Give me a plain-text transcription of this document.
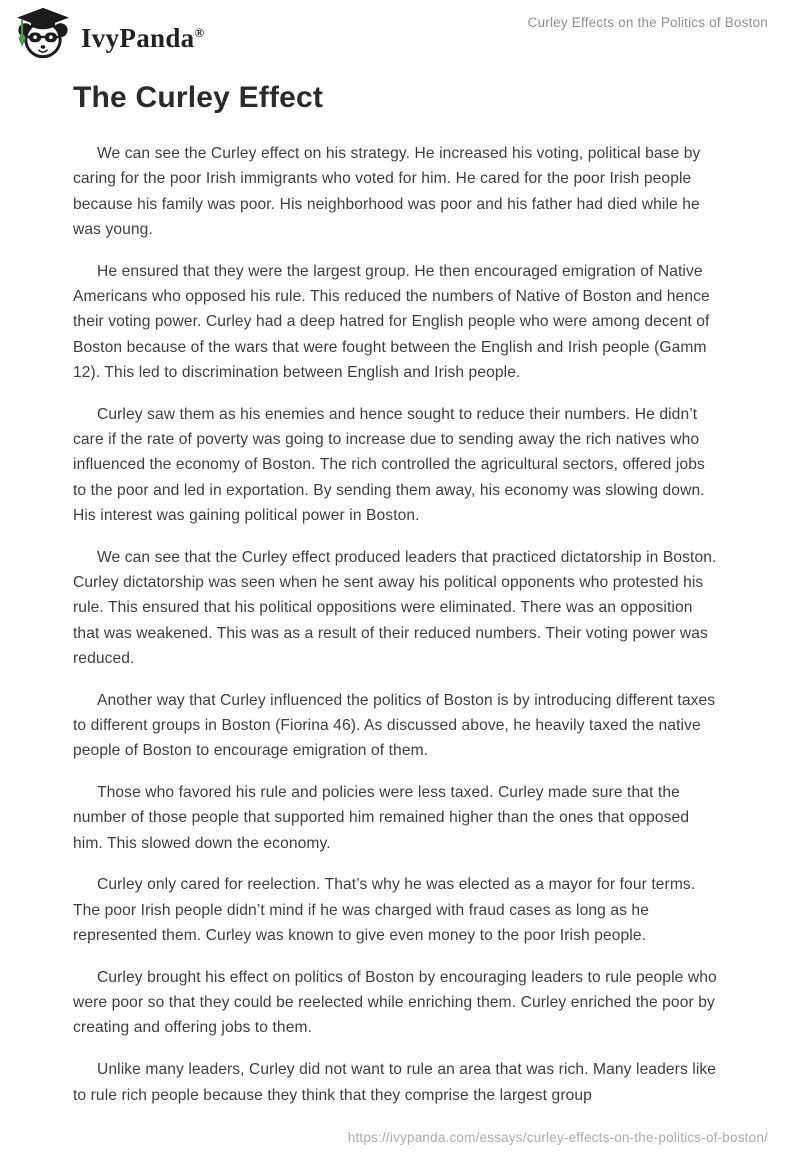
IvyPanda®
Curley Effects on the Politics of Boston
The Curley Effect

We can see the Curley effect on his strategy. He increased his voting, political base by caring for the poor Irish immigrants who voted for him. He cared for the poor Irish people because his family was poor. His neighborhood was poor and his father had died while he was young.

He ensured that they were the largest group. He then encouraged emigration of Native Americans who opposed his rule. This reduced the numbers of Native of Boston and hence their voting power. Curley had a deep hatred for English people who were among decent of Boston because of the wars that were fought between the English and Irish people (Gamm 12). This led to discrimination between English and Irish people.

Curley saw them as his enemies and hence sought to reduce their numbers. He didn’t care if the rate of poverty was going to increase due to sending away the rich natives who influenced the economy of Boston. The rich controlled the agricultural sectors, offered jobs to the poor and led in exportation. By sending them away, his economy was slowing down. His interest was gaining political power in Boston.

We can see that the Curley effect produced leaders that practiced dictatorship in Boston. Curley dictatorship was seen when he sent away his political opponents who protested his rule. This ensured that his political oppositions were eliminated. There was an opposition that was weakened. This was as a result of their reduced numbers. Their voting power was reduced.

Another way that Curley influenced the politics of Boston is by introducing different taxes to different groups in Boston (Fiorina 46). As discussed above, he heavily taxed the native people of Boston to encourage emigration of them.

Those who favored his rule and policies were less taxed. Curley made sure that the number of those people that supported him remained higher than the ones that opposed him. This slowed down the economy.

Curley only cared for reelection. That’s why he was elected as a mayor for four terms. The poor Irish people didn’t mind if he was charged with fraud cases as long as he represented them. Curley was known to give even money to the poor Irish people.

Curley brought his effect on politics of Boston by encouraging leaders to rule people who were poor so that they could be reelected while enriching them. Curley enriched the poor by creating and offering jobs to them.

Unlike many leaders, Curley did not want to rule an area that was rich. Many leaders like to rule rich people because they think that they comprise the largest group

https://ivypanda.com/essays/curley-effects-on-the-politics-of-boston/
